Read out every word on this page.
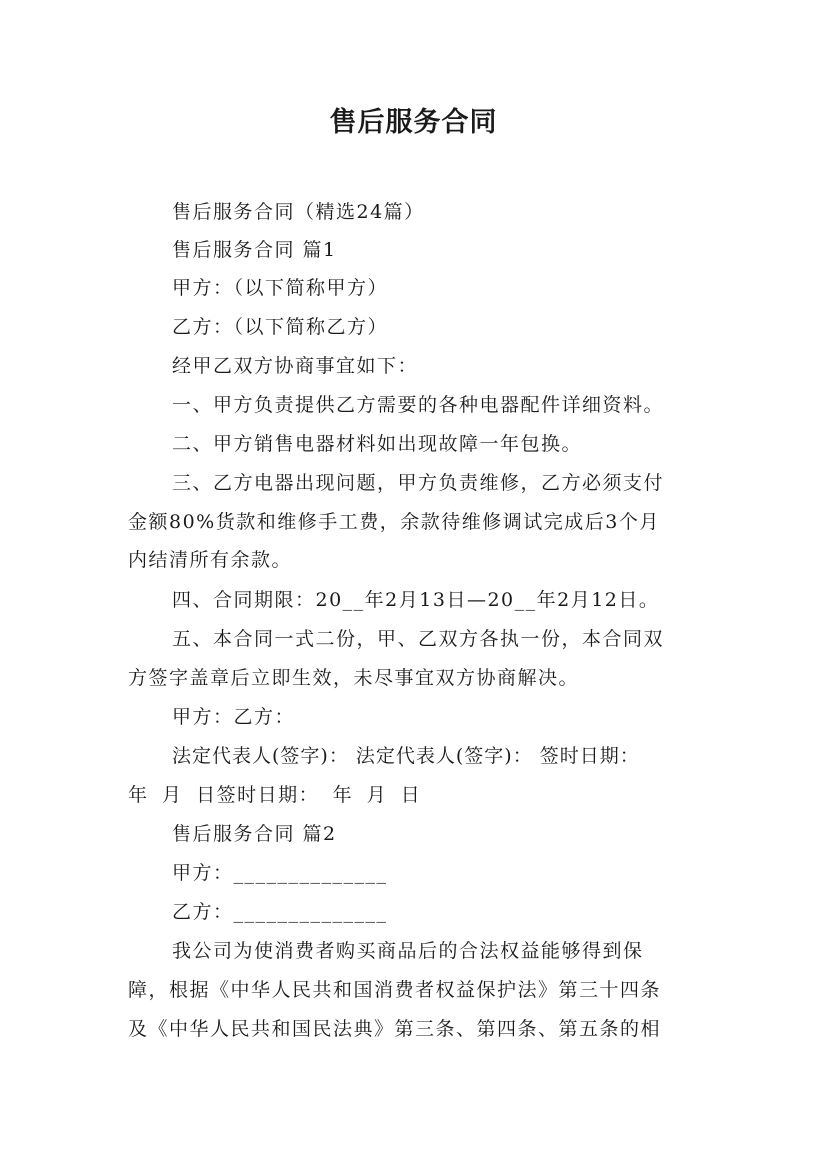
售后服务合同
售后服务合同（精选24篇）
售后服务合同 篇1
甲方：（以下简称甲方）
乙方：（以下简称乙方）
经甲乙双方协商事宜如下：
一、甲方负责提供乙方需要的各种电器配件详细资料。
二、甲方销售电器材料如出现故障一年包换。
三、乙方电器出现问题，甲方负责维修，乙方必须支付
金额80%货款和维修手工费，余款待维修调试完成后3个月
内结清所有余款。
四、合同期限：20__年2月13日—20__年2月12日。
五、本合同一式二份，甲、乙双方各执一份，本合同双
方签字盖章后立即生效，未尽事宜双方协商解决。
甲方：乙方：
法定代表人(签字)： 法定代表人(签字)： 签时日期：
年 月 日签时日期： 年 月 日
售后服务合同 篇2
甲方：______________
乙方：______________
我公司为使消费者购买商品后的合法权益能够得到保
障，根据《中华人民共和国消费者权益保护法》第三十四条
及《中华人民共和国民法典》第三条、第四条、第五条的相
